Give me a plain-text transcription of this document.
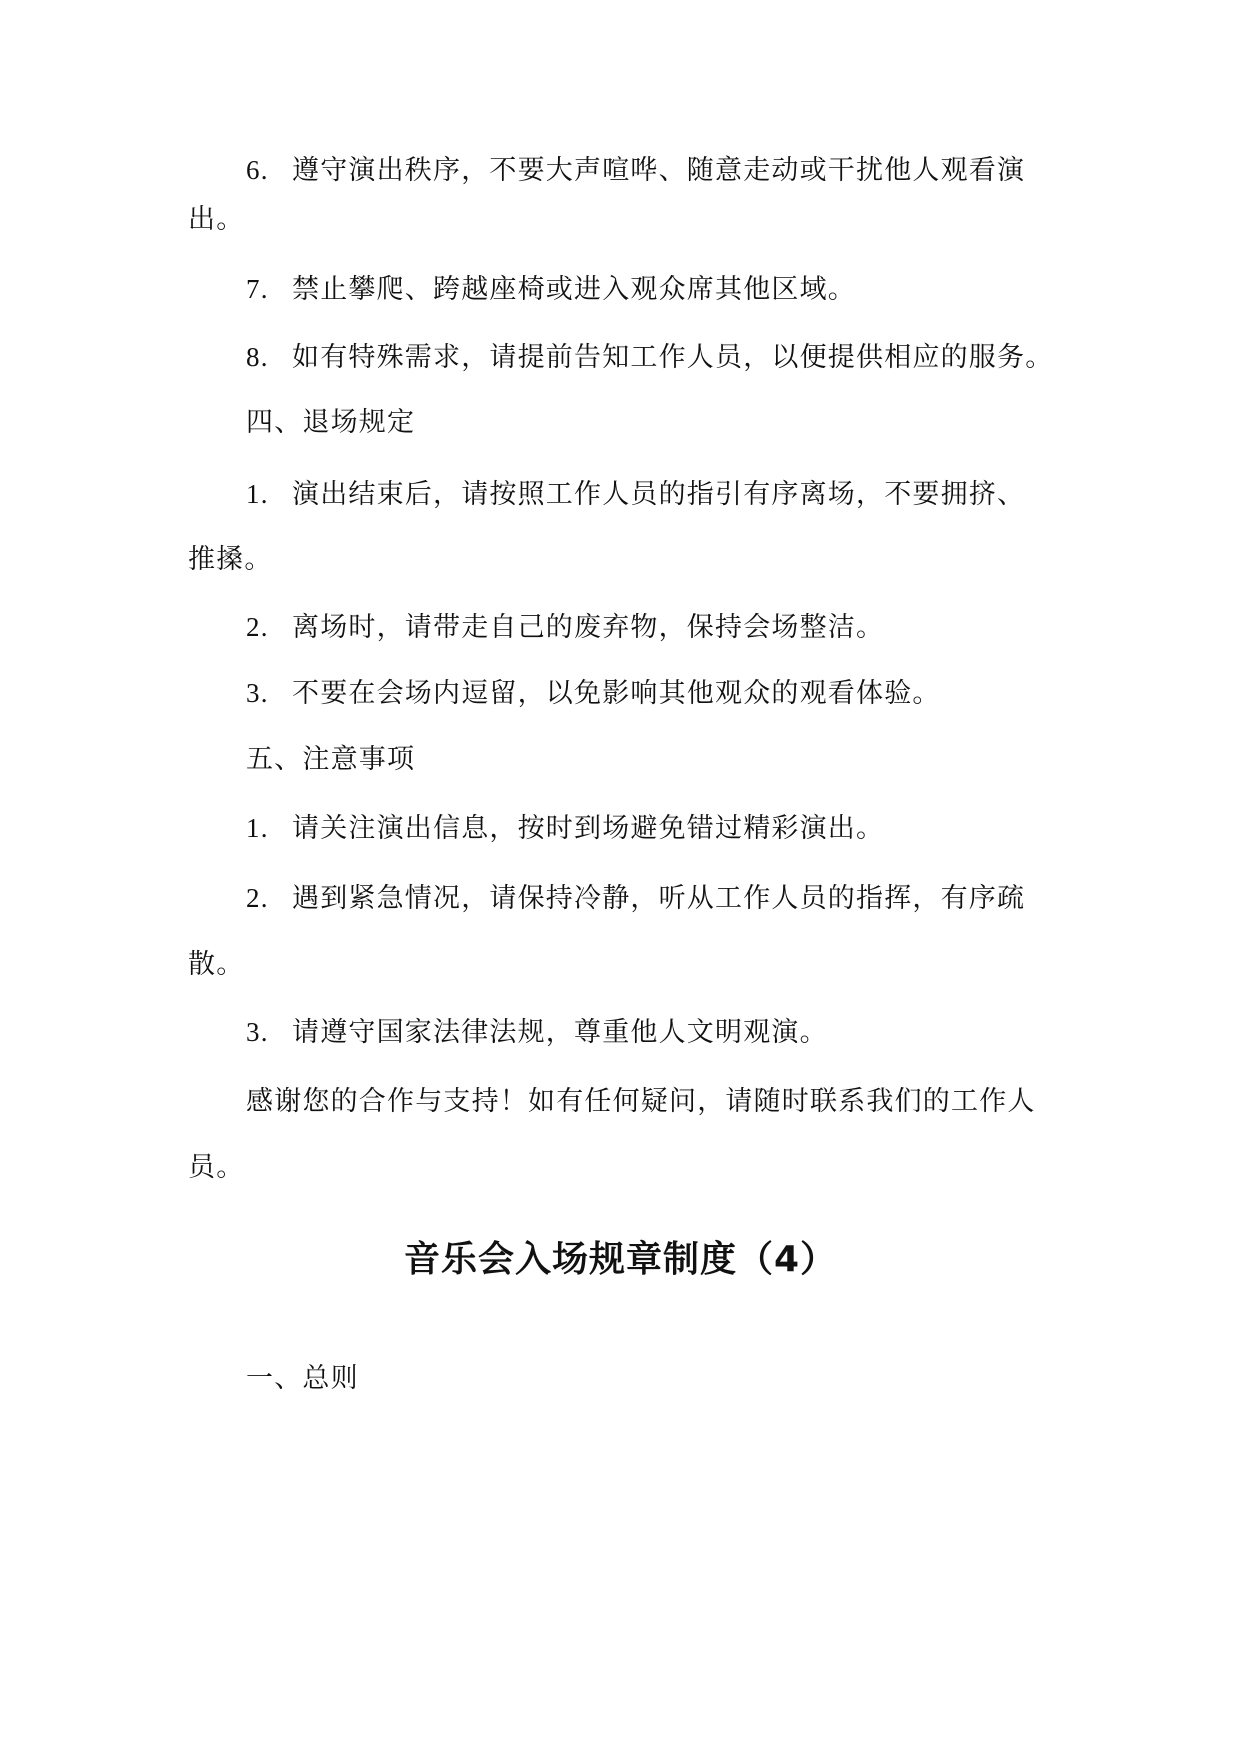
6. 遵守演出秩序，不要大声喧哗、随意走动或干扰他人观看演
出。
7. 禁止攀爬、跨越座椅或进入观众席其他区域。
8. 如有特殊需求，请提前告知工作人员，以便提供相应的服务。
四、退场规定
1. 演出结束后，请按照工作人员的指引有序离场，不要拥挤、
推搡。
2. 离场时，请带走自己的废弃物，保持会场整洁。
3. 不要在会场内逗留，以免影响其他观众的观看体验。
五、注意事项
1. 请关注演出信息，按时到场避免错过精彩演出。
2. 遇到紧急情况，请保持冷静，听从工作人员的指挥，有序疏
散。
3. 请遵守国家法律法规，尊重他人文明观演。
感谢您的合作与支持！如有任何疑问，请随时联系我们的工作人
员。
音乐会入场规章制度（4）
一、总则
